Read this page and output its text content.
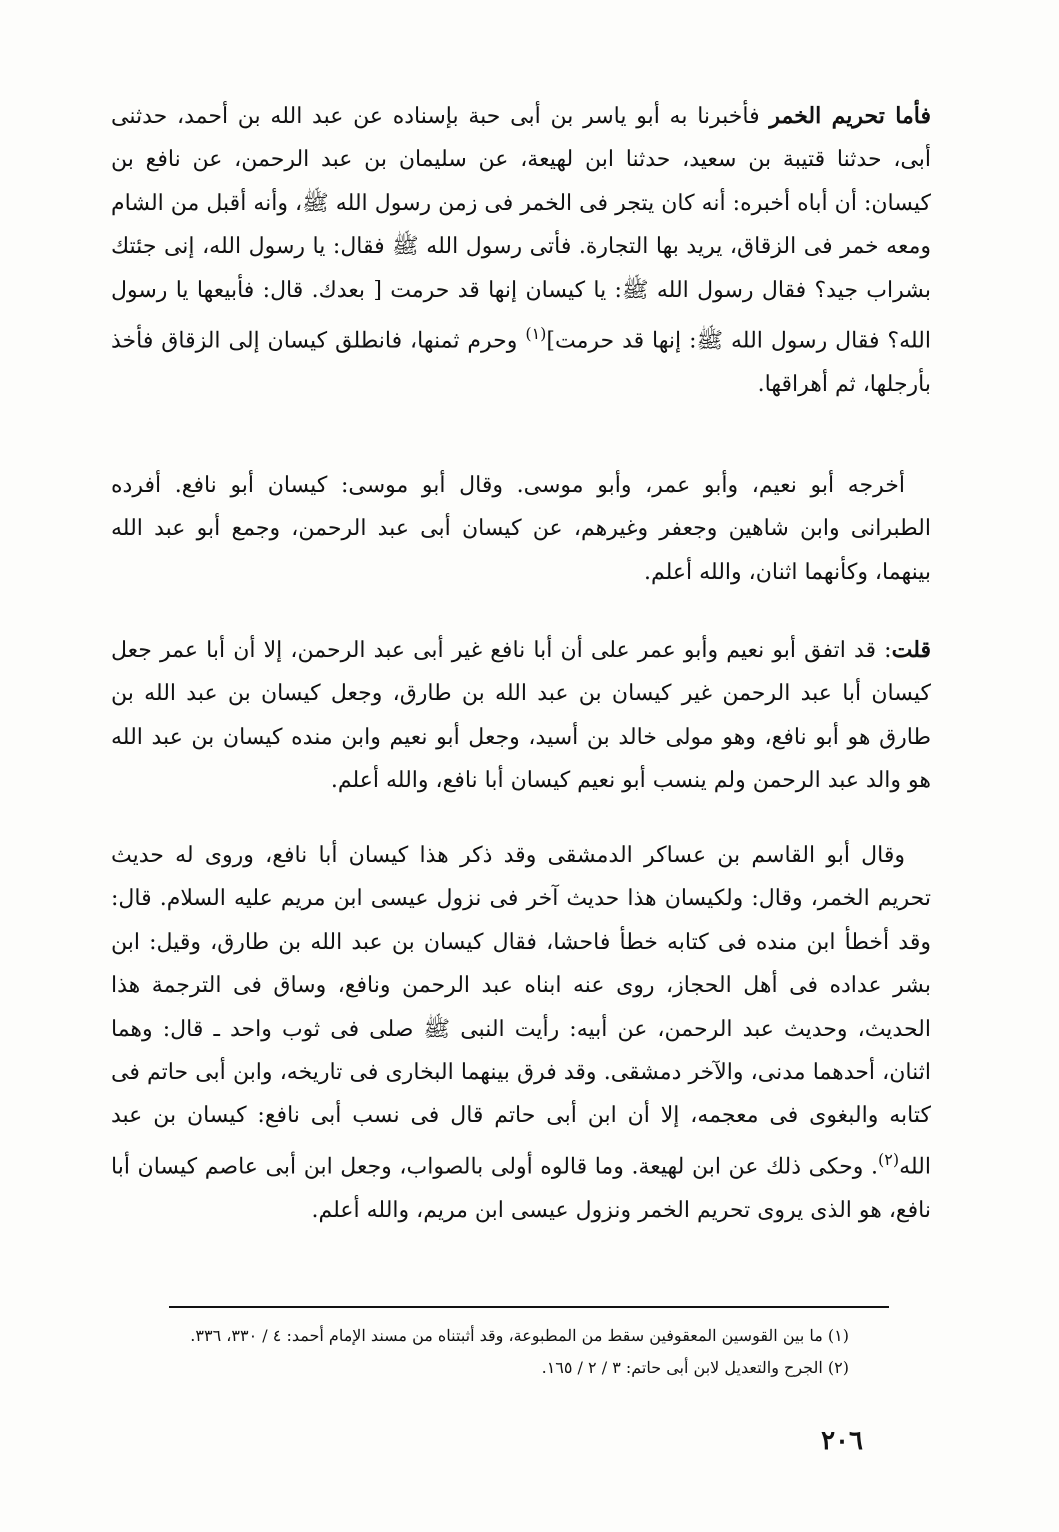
فأما تحريم الخمر فأخبرنا به أبو ياسر بن أبى حبة بإسناده عن عبد الله بن أحمد، حدثنى أبى، حدثنا قتيبة بن سعيد، حدثنا ابن لهيعة، عن سليمان بن عبد الرحمن، عن نافع بن كيسان: أن أباه أخبره: أنه كان يتجر فى الخمر فى زمن رسول الله ﷺ، وأنه أقبل من الشام ومعه خمر فى الزقاق، يريد بها التجارة. فأتى رسول الله ﷺ فقال: يا رسول الله، إنى جئتك بشراب جيد؟ فقال رسول الله ﷺ: يا كيسان إنها قد حرمت [ بعدك. قال: فأبيعها يا رسول الله؟ فقال رسول الله ﷺ: إنها قد حرمت]$^{(١)}$ وحرم ثمنها، فانطلق كيسان إلى الزقاق فأخذ بأرجلها، ثم أهراقها.

أخرجه أبو نعيم، وأبو عمر، وأبو موسى. وقال أبو موسى: كيسان أبو نافع. أفرده الطبرانى وابن شاهين وجعفر وغيرهم، عن كيسان أبى عبد الرحمن، وجمع أبو عبد الله بينهما، وكأنهما اثنان، والله أعلم.

قلت: قد اتفق أبو نعيم وأبو عمر على أن أبا نافع غير أبى عبد الرحمن، إلا أن أبا عمر جعل كيسان أبا عبد الرحمن غير كيسان بن عبد الله بن طارق، وجعل كيسان بن عبد الله بن طارق هو أبو نافع، وهو مولى خالد بن أسيد، وجعل أبو نعيم وابن منده كيسان بن عبد الله هو والد عبد الرحمن ولم ينسب أبو نعيم كيسان أبا نافع، والله أعلم.

وقال أبو القاسم بن عساكر الدمشقى وقد ذكر هذا كيسان أبا نافع، وروى له حديث تحريم الخمر، وقال: ولكيسان هذا حديث آخر فى نزول عيسى ابن مريم عليه السلام. قال: وقد أخطأ ابن منده فى كتابه خطأ فاحشا، فقال كيسان بن عبد الله بن طارق، وقيل: ابن بشر عداده فى أهل الحجاز، روى عنه ابناه عبد الرحمن ونافع، وساق فى الترجمة هذا الحديث، وحديث عبد الرحمن، عن أبيه: رأيت النبى ﷺ صلى فى ثوب واحد ـ قال: وهما اثنان، أحدهما مدنى، والآخر دمشقى. وقد فرق بينهما البخارى فى تاريخه، وابن أبى حاتم فى كتابه والبغوى فى معجمه، إلا أن ابن أبى حاتم قال فى نسب أبى نافع: كيسان بن عبد الله$^{(٢)}$. وحكى ذلك عن ابن لهيعة. وما قالوه أولى بالصواب، وجعل ابن أبى عاصم كيسان أبا نافع، هو الذى يروى تحريم الخمر ونزول عيسى ابن مريم، والله أعلم.

(١) ما بين القوسين المعقوفين سقط من المطبوعة، وقد أثبتناه من مسند الإمام أحمد: ٤ / ٣٣٠، ٣٣٦.

(٢) الجرح والتعديل لابن أبى حاتم: ٣ / ٢ / ١٦٥.

٢٠٦
